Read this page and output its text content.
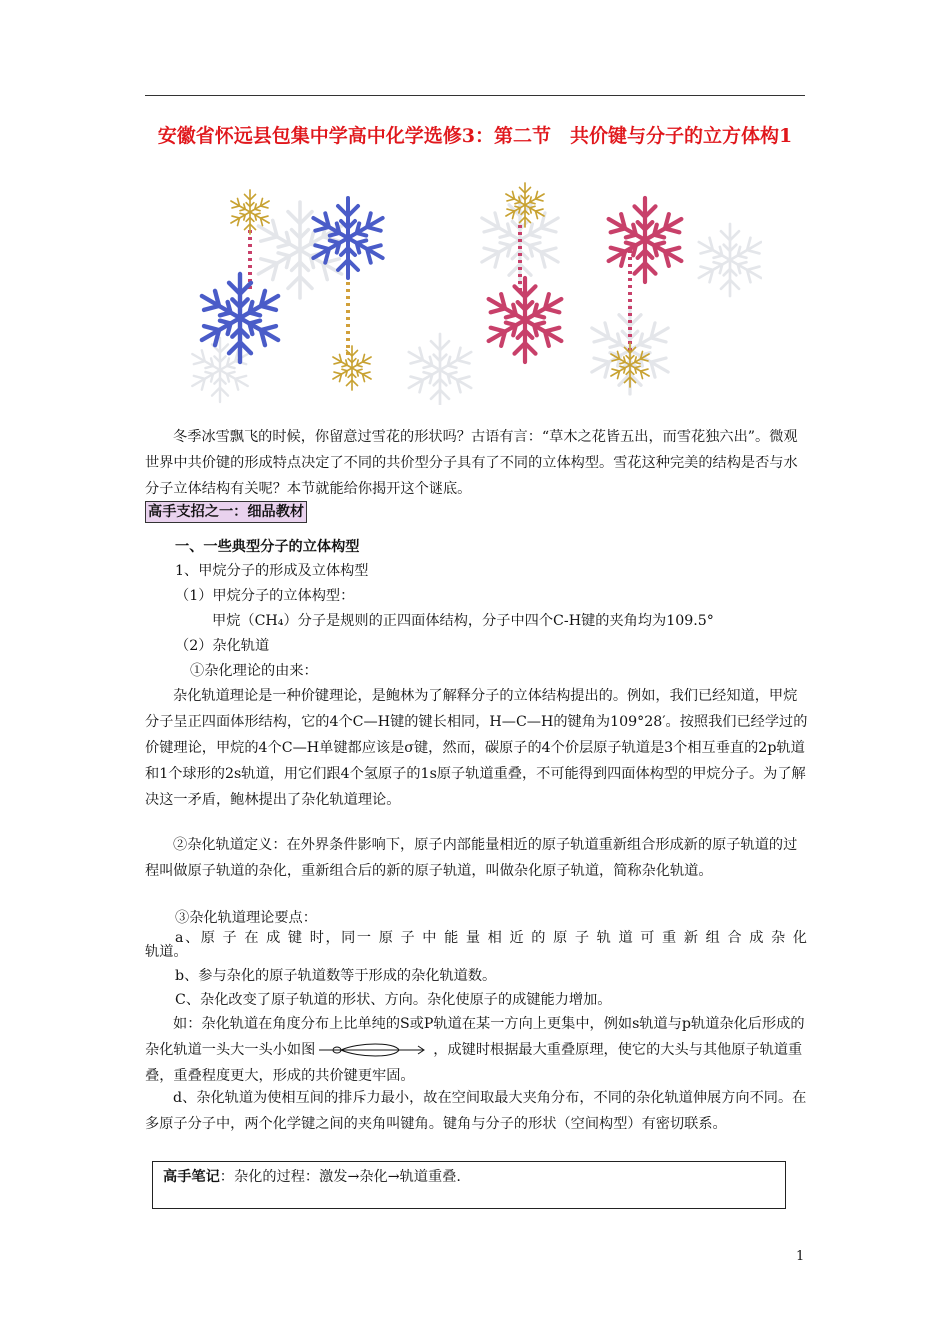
安徽省怀远县包集中学高中化学选修3：第二节　共价键与分子的立方体构1

冬季冰雪飘飞的时候，你留意过雪花的形状吗？古语有言：“草木之花皆五出，而雪花独六出”。微观世界中共价键的形成特点决定了不同的共价型分子具有了不同的立体构型。雪花这种完美的结构是否与水分子立体结构有关呢？本节就能给你揭开这个谜底。

高手支招之一：细品教材
一、一些典型分子的立体构型
1、甲烷分子的形成及立体构型
（1）甲烷分子的立体构型：
甲烷（CH₄）分子是规则的正四面体结构，分子中四个C-H键的夹角均为109.5°
（2）杂化轨道
①杂化理论的由来：

杂化轨道理论是一种价键理论，是鲍林为了解释分子的立体结构提出的。例如，我们已经知道，甲烷分子呈正四面体形结构，它的4个C—H键的键长相同，H—C—H的键角为109°28′。按照我们已经学过的价键理论，甲烷的4个C—H单键都应该是σ键，然而，碳原子的4个价层原子轨道是3个相互垂直的2p轨道和1个球形的2s轨道，用它们跟4个氢原子的1s原子轨道重叠，不可能得到四面体构型的甲烷分子。为了解决这一矛盾，鲍林提出了杂化轨道理论。

②杂化轨道定义：在外界条件影响下，原子内部能量相近的原子轨道重新组合形成新的原子轨道的过程叫做原子轨道的杂化，重新组合后的新的原子轨道，叫做杂化原子轨道，简称杂化轨道。

③杂化轨道理论要点：
a、原 子 在 成 键 时，同一 原 子 中 能 量 相 近 的 原 子 轨 道 可 重 新 组 合 成 杂 化
轨道。
b、参与杂化的原子轨道数等于形成的杂化轨道数。
C、杂化改变了原子轨道的形状、方向。杂化使原子的成键能力增加。

如：杂化轨道在角度分布上比单纯的S或P轨道在某一方向上更集中，例如s轨道与p轨道杂化后形成的杂化轨道一头大一头小如图	，成键时根据最大重叠原理，使它的大头与其他原子轨道重叠，重叠程度更大，形成的共价键更牢固。

d、杂化轨道为使相互间的排斥力最小，故在空间取最大夹角分布，不同的杂化轨道伸展方向不同。在多原子分子中，两个化学键之间的夹角叫键角。键角与分子的形状（空间构型）有密切联系。

高手笔记：杂化的过程：激发→杂化→轨道重叠.
1
